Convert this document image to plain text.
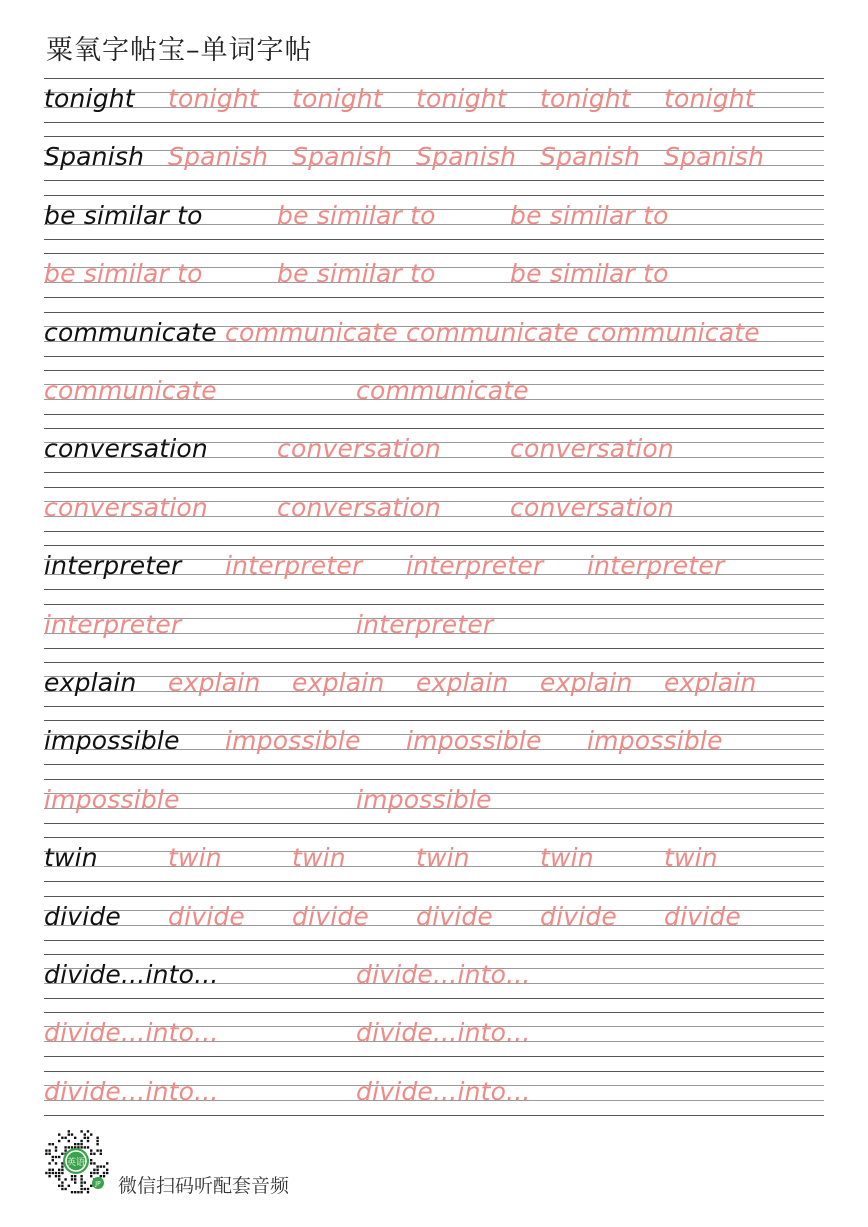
粟氧字帖宝–单词字帖
tonight tonight tonight tonight tonight tonight
Spanish Spanish Spanish Spanish Spanish Spanish
be similar to	be similar to	be similar to
be similar to	be similar to	be similar to
communicate communicate communicate communicate
communicate	communicate
conversation	conversation	conversation
conversation	conversation	conversation
interpreter interpreter interpreter interpreter
interpreter	interpreter
explain explain explain explain explain explain
impossible impossible impossible impossible
impossible	impossible
twin	twin	twin	twin	twin	twin
divide divide divide divide divide divide
divide...into...	divide...into...
divide...into...	divide...into...
divide...into...	divide...into...
英语
JP 微信扫码听配套音频
